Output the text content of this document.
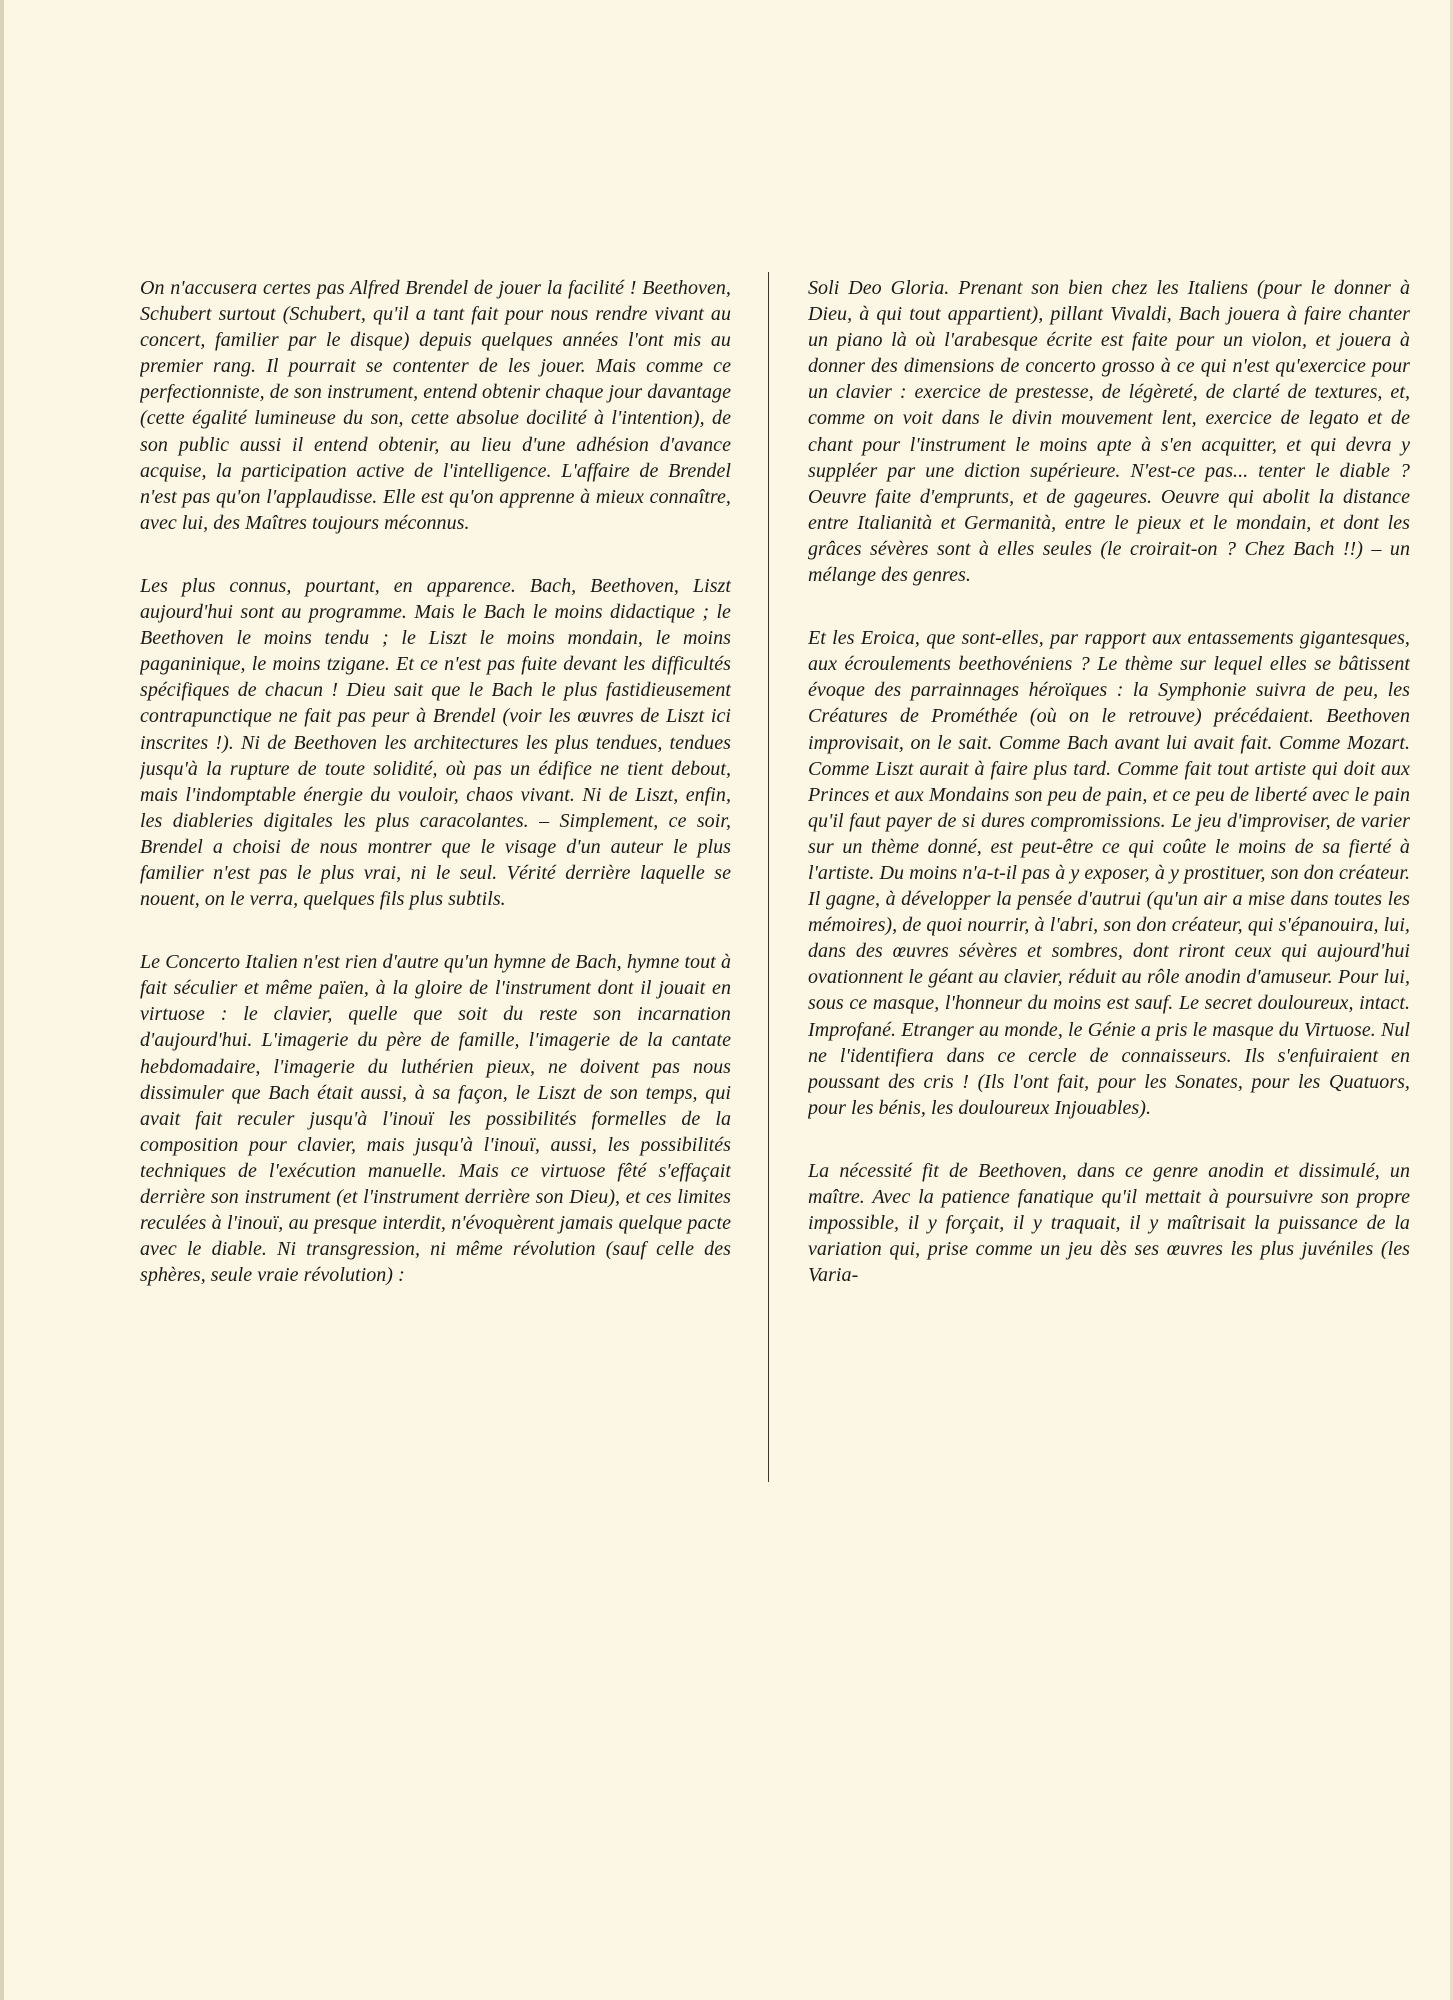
On n'accusera certes pas Alfred Brendel de jouer la facilité ! Beethoven, Schubert surtout (Schubert, qu'il a tant fait pour nous rendre vivant au concert, familier par le disque) depuis quelques années l'ont mis au premier rang. Il pourrait se contenter de les jouer. Mais comme ce perfectionniste, de son instrument, entend obtenir chaque jour davantage (cette égalité lumineuse du son, cette absolue docilité à l'intention), de son public aussi il entend obtenir, au lieu d'une adhésion d'avance acquise, la participation active de l'intelligence. L'affaire de Brendel n'est pas qu'on l'applaudisse. Elle est qu'on apprenne à mieux connaître, avec lui, des Maîtres toujours méconnus.

Les plus connus, pourtant, en apparence. Bach, Beethoven, Liszt aujourd'hui sont au programme. Mais le Bach le moins didactique ; le Beethoven le moins tendu ; le Liszt le moins mondain, le moins paganinique, le moins tzigane. Et ce n'est pas fuite devant les difficultés spécifiques de chacun ! Dieu sait que le Bach le plus fastidieusement contrapunctique ne fait pas peur à Brendel (voir les œuvres de Liszt ici inscrites !). Ni de Beethoven les architectures les plus tendues, tendues jusqu'à la rupture de toute solidité, où pas un édifice ne tient debout, mais l'indomptable énergie du vouloir, chaos vivant. Ni de Liszt, enfin, les diableries digitales les plus caracolantes. – Simplement, ce soir, Brendel a choisi de nous montrer que le visage d'un auteur le plus familier n'est pas le plus vrai, ni le seul. Vérité derrière laquelle se nouent, on le verra, quelques fils plus subtils.

Le Concerto Italien n'est rien d'autre qu'un hymne de Bach, hymne tout à fait séculier et même païen, à la gloire de l'instrument dont il jouait en virtuose : le clavier, quelle que soit du reste son incarnation d'aujourd'hui. L'imagerie du père de famille, l'imagerie de la cantate hebdomadaire, l'imagerie du luthérien pieux, ne doivent pas nous dissimuler que Bach était aussi, à sa façon, le Liszt de son temps, qui avait fait reculer jusqu'à l'inouï les possibilités formelles de la composition pour clavier, mais jusqu'à l'inouï, aussi, les possibilités techniques de l'exécution manuelle. Mais ce virtuose fêté s'effaçait derrière son instrument (et l'instrument derrière son Dieu), et ces limites reculées à l'inouï, au presque interdit, n'évoquèrent jamais quelque pacte avec le diable. Ni transgression, ni même révolution (sauf celle des sphères, seule vraie révolution) :

Soli Deo Gloria. Prenant son bien chez les Italiens (pour le donner à Dieu, à qui tout appartient), pillant Vivaldi, Bach jouera à faire chanter un piano là où l'arabesque écrite est faite pour un violon, et jouera à donner des dimensions de concerto grosso à ce qui n'est qu'exercice pour un clavier : exercice de prestesse, de légèreté, de clarté de textures, et, comme on voit dans le divin mouvement lent, exercice de legato et de chant pour l'instrument le moins apte à s'en acquitter, et qui devra y suppléer par une diction supérieure. N'est-ce pas... tenter le diable ? Oeuvre faite d'emprunts, et de gageures. Oeuvre qui abolit la distance entre Italianità et Germanità, entre le pieux et le mondain, et dont les grâces sévères sont à elles seules (le croirait-on ? Chez Bach !!) – un mélange des genres.

Et les Eroica, que sont-elles, par rapport aux entassements gigantesques, aux écroulements beethovéniens ? Le thème sur lequel elles se bâtissent évoque des parrainnages héroïques : la Symphonie suivra de peu, les Créatures de Prométhée (où on le retrouve) précédaient. Beethoven improvisait, on le sait. Comme Bach avant lui avait fait. Comme Mozart. Comme Liszt aurait à faire plus tard. Comme fait tout artiste qui doit aux Princes et aux Mondains son peu de pain, et ce peu de liberté avec le pain qu'il faut payer de si dures compromissions. Le jeu d'improviser, de varier sur un thème donné, est peut-être ce qui coûte le moins de sa fierté à l'artiste. Du moins n'a-t-il pas à y exposer, à y prostituer, son don créateur. Il gagne, à développer la pensée d'autrui (qu'un air a mise dans toutes les mémoires), de quoi nourrir, à l'abri, son don créateur, qui s'épanouira, lui, dans des œuvres sévères et sombres, dont riront ceux qui aujourd'hui ovationnent le géant au clavier, réduit au rôle anodin d'amuseur. Pour lui, sous ce masque, l'honneur du moins est sauf. Le secret douloureux, intact. Improfané. Etranger au monde, le Génie a pris le masque du Virtuose. Nul ne l'identifiera dans ce cercle de connaisseurs. Ils s'enfuiraient en poussant des cris ! (Ils l'ont fait, pour les Sonates, pour les Quatuors, pour les bénis, les douloureux Injouables).

La nécessité fit de Beethoven, dans ce genre anodin et dissimulé, un maître. Avec la patience fanatique qu'il mettait à poursuivre son propre impossible, il y forçait, il y traquait, il y maîtrisait la puissance de la variation qui, prise comme un jeu dès ses œuvres les plus juvéniles (les Varia-
